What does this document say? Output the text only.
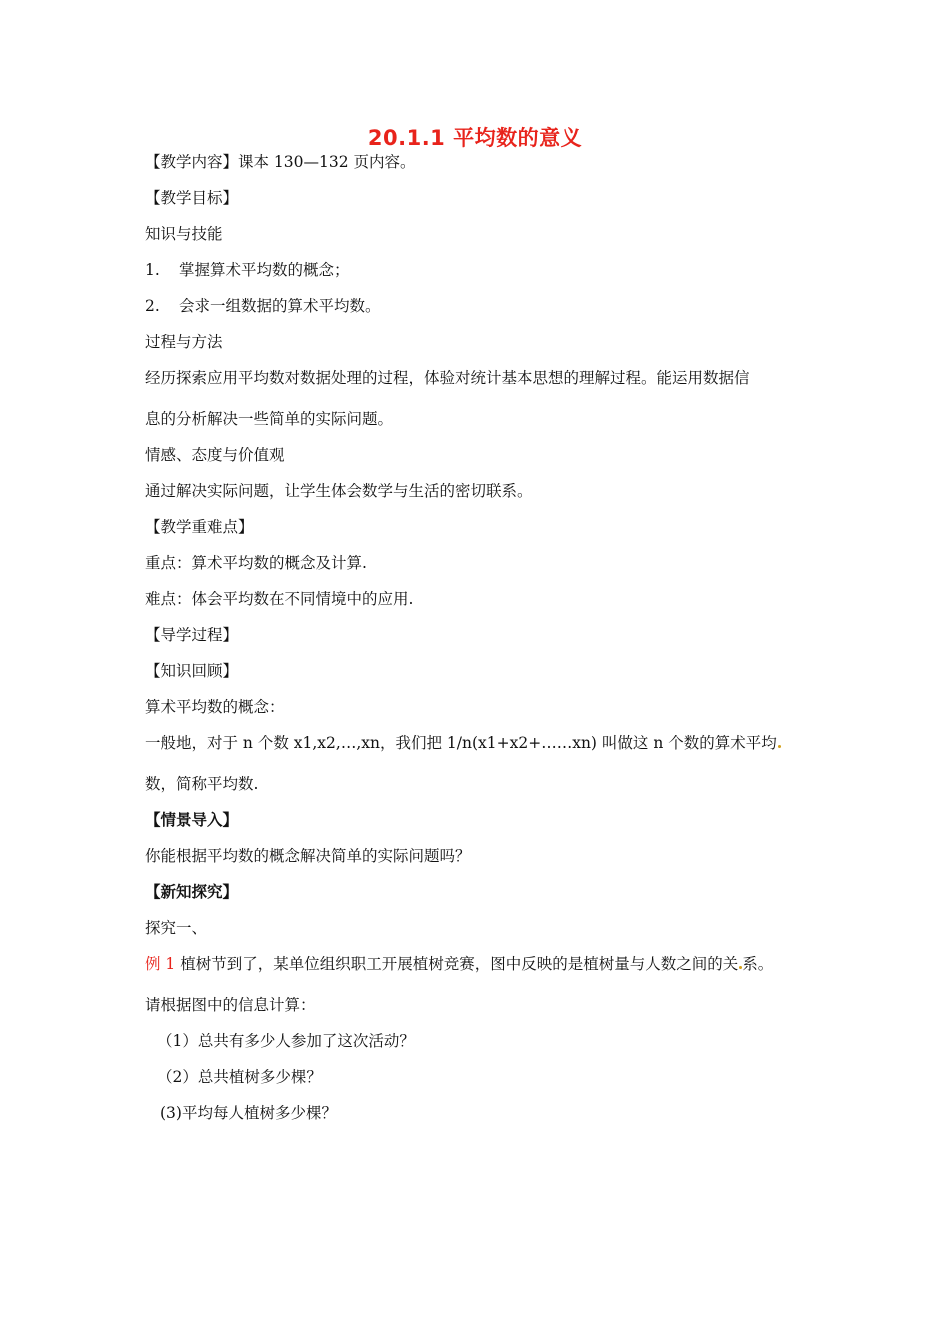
20.1.1 平均数的意义
【教学内容】课本 130—132 页内容。
【教学目标】
知识与技能
1. 掌握算术平均数的概念；
2. 会求一组数据的算术平均数。
过程与方法
经历探索应用平均数对数据处理的过程，体验对统计基本思想的理解过程。能运用数据信
息的分析解决一些简单的实际问题。
情感、态度与价值观
通过解决实际问题，让学生体会数学与生活的密切联系。
【教学重难点】
重点：算术平均数的概念及计算.
难点：体会平均数在不同情境中的应用.
【导学过程】
【知识回顾】
算术平均数的概念：
一般地，对于 n 个数 x1,x2,…,xn，我们把 1/n(x1+x2+……xn) 叫做这 n 个数的算术平均
数，简称平均数.
【情景导入】
你能根据平均数的概念解决简单的实际问题吗？
【新知探究】
探究一、
例 1 植树节到了，某单位组织职工开展植树竞赛，图中反映的是植树量与人数之间的关 系。
请根据图中的信息计算：
（1）总共有多少人参加了这次活动？
（2）总共植树多少棵？
(3)平均每人植树多少棵？
